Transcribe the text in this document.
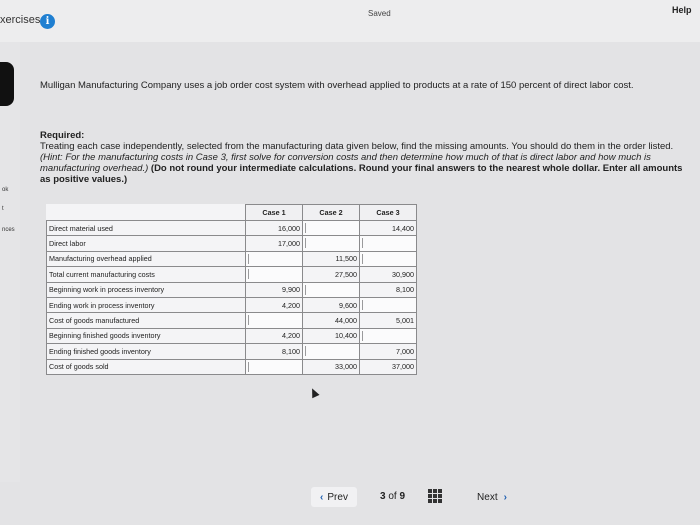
xercises i
Saved	Help
ok
t
nces
Mulligan Manufacturing Company uses a job order cost system with overhead applied to products at a rate of 150 percent of direct labor cost.
Required:
Treating each case independently, selected from the manufacturing data given below, find the missing amounts. You should do them in the order listed. (Hint: For the manufacturing costs in Case 3, first solve for conversion costs and then determine how much of that is direct labor and how much is manufacturing overhead.) (Do not round your intermediate calculations. Round your final answers to the nearest whole dollar. Enter all amounts as positive values.)
	Case 1	Case 2	Case 3
Direct material used	16,000		14,400
Direct labor	17,000		
Manufacturing overhead applied		11,500	
Total current manufacturing costs		27,500	30,900
Beginning work in process inventory	9,900		8,100
Ending work in process inventory	4,200	9,600	
Cost of goods manufactured		44,000	5,001
Beginning finished goods inventory	4,200	10,400	
Ending finished goods inventory	8,100		7,000
Cost of goods sold		33,000	37,000
‹ Prev	3 of 9	Next ›
